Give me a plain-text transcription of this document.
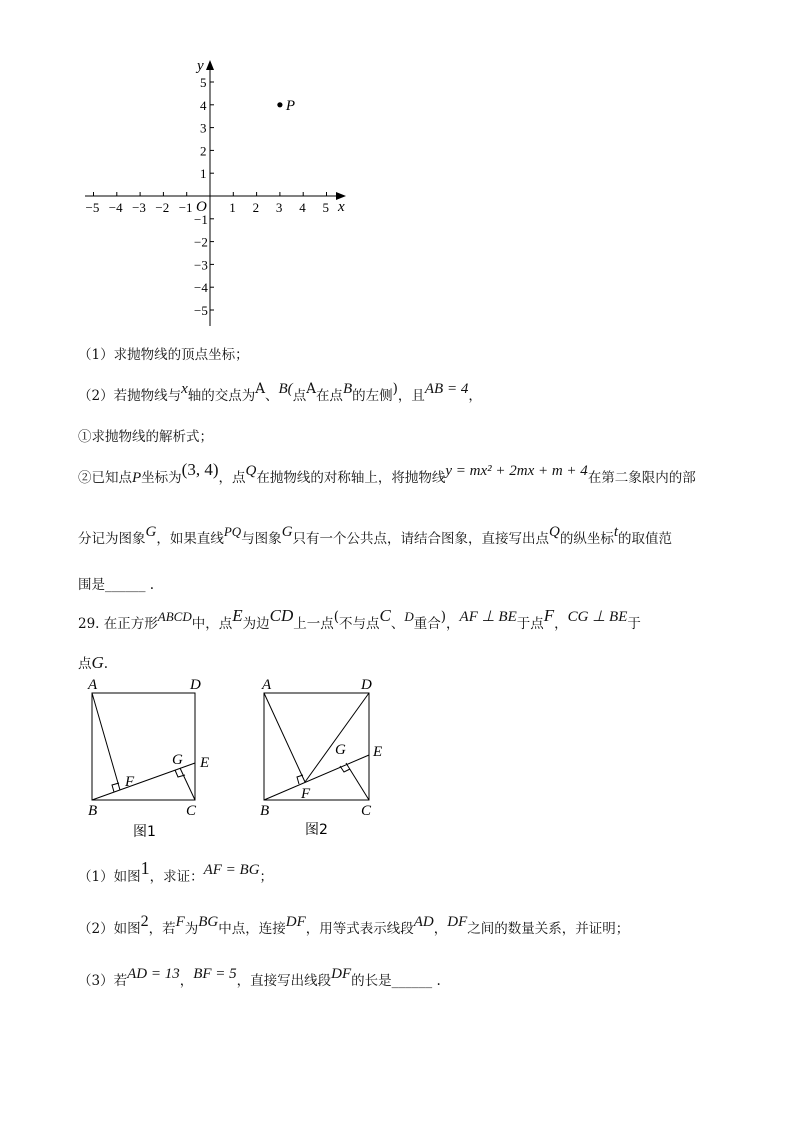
−5 −4 −3 −2 −1	1 2 3 4 5
5
4
3
2
1
−1
−2
−3
−4
−5
x
y
O
P
（1）求抛物线的顶点坐标；
（2）若抛物线与x轴的交点为A、B(点A在点B的左侧)，且AB = 4，
①求抛物线的解析式；
②已知点P坐标为(3, 4)，点Q在抛物线的对称轴上，将抛物线y = mx² + 2mx + m + 4在第二象限内的部
分记为图象G，如果直线PQ与图象G只有一个公共点，请结合图象，直接写出点Q的纵坐标t的取值范
围是______ .
29. 在正方形ABCD中，点E为边CD上一点(不与点C、D重合)，AF ⊥ BE于点F，CG ⊥ BE于
点G.
A	D
B	C
E
F
G
图1
A	D
B	C
E
F
G
图2
（1）如图1，求证：AF = BG；
（2）如图2，若F为BG中点，连接DF，用等式表示线段AD，DF之间的数量关系，并证明；
（3）若AD = 13，BF = 5，直接写出线段DF的长是______ .
